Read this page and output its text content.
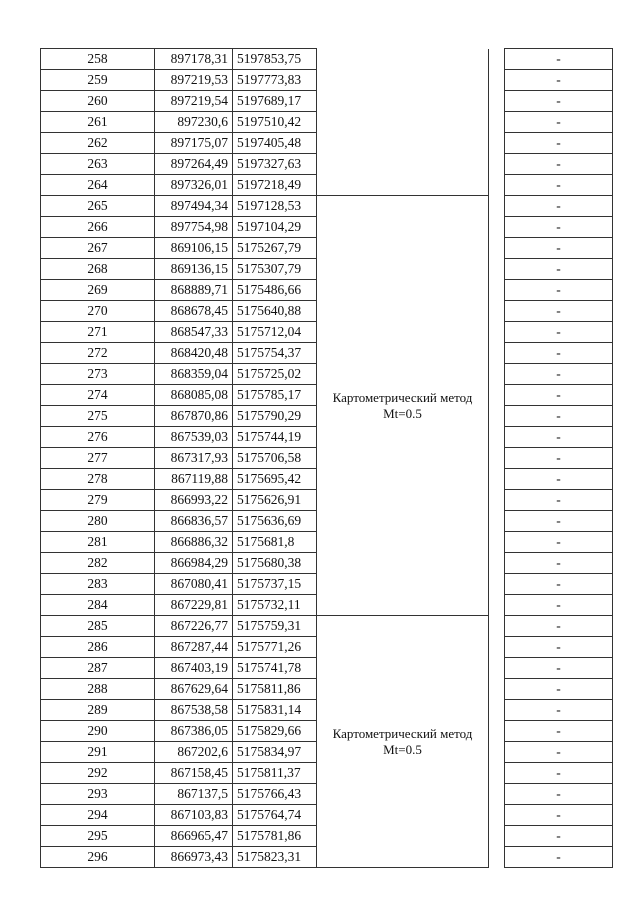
258	897178,31	5197853,75			-
259	897219,53	5197773,83			-
260	897219,54	5197689,17			-
261	897230,6	5197510,42			-
262	897175,07	5197405,48			-
263	897264,49	5197327,63			-
264	897326,01	5197218,49			-
265	897494,34	5197128,53	Картометрический метод
Mt=0.5		-
266	897754,98	5197104,29			-
267	869106,15	5175267,79			-
268	869136,15	5175307,79			-
269	868889,71	5175486,66			-
270	868678,45	5175640,88			-
271	868547,33	5175712,04			-
272	868420,48	5175754,37			-
273	868359,04	5175725,02			-
274	868085,08	5175785,17			-
275	867870,86	5175790,29			-
276	867539,03	5175744,19			-
277	867317,93	5175706,58			-
278	867119,88	5175695,42			-
279	866993,22	5175626,91			-
280	866836,57	5175636,69			-
281	866886,32	5175681,8			-
282	866984,29	5175680,38			-
283	867080,41	5175737,15			-
284	867229,81	5175732,11			-
285	867226,77	5175759,31	Картометрический метод
Mt=0.5		-
286	867287,44	5175771,26			-
287	867403,19	5175741,78			-
288	867629,64	5175811,86			-
289	867538,58	5175831,14			-
290	867386,05	5175829,66			-
291	867202,6	5175834,97			-
292	867158,45	5175811,37			-
293	867137,5	5175766,43			-
294	867103,83	5175764,74			-
295	866965,47	5175781,86			-
296	866973,43	5175823,31			-
